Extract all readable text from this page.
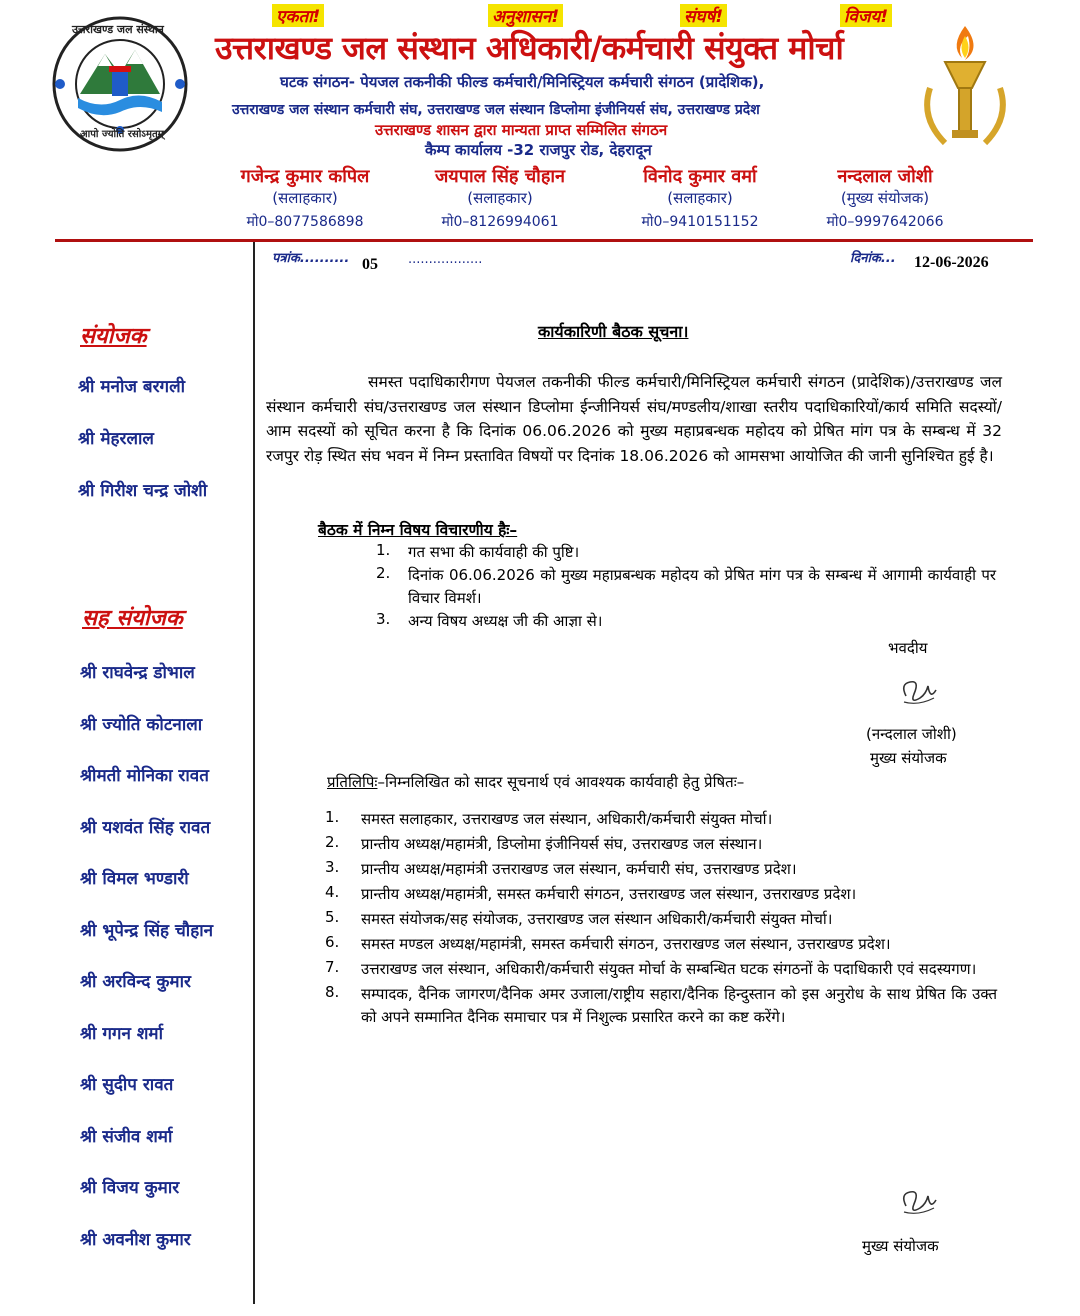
उत्तराखण्ड जल संस्थान
आपो ज्योति रसोऽमृतम्
एकता!	अनुशासन!	संघर्ष!	विजय!
उत्तराखण्ड जल संस्थान अधिकारी/कर्मचारी संयुक्त मोर्चा
घटक संगठन- पेयजल तकनीकी फील्ड कर्मचारी/मिनिस्ट्रियल कर्मचारी संगठन (प्रादेशिक),
उत्तराखण्ड जल संस्थान कर्मचारी संघ, उत्तराखण्ड जल संस्थान डिप्लोमा इंजीनियर्स संघ, उत्तराखण्ड प्रदेश
उत्तराखण्ड शासन द्वारा मान्यता प्राप्त सम्मिलित संगठन
कैम्प कार्यालय -32 राजपुर रोड, देहरादून
गजेन्द्र कुमार कपिल
(सलाहकार)
मो0–8077586898
जयपाल सिंह चौहान
(सलाहकार)
मो0–8126994061
विनोद कुमार वर्मा
(सलाहकार)
मो0–9410151152
नन्दलाल जोशी
(मुख्य संयोजक)
मो0–9997642066
पत्रांक.......... 05 ..................	दिनांक... 12-06-2026
संयोजक
श्री मनोज बरगली
श्री मेहरलाल
श्री गिरीश चन्द्र जोशी
सह संयोजक
श्री राघवेन्द्र डोभाल
श्री ज्योति कोटनाला
श्रीमती मोनिका रावत
श्री यशवंत सिंह रावत
श्री विमल भण्डारी
श्री भूपेन्द्र सिंह चौहान
श्री अरविन्द कुमार
श्री गगन शर्मा
श्री सुदीप रावत
श्री संजीव शर्मा
श्री विजय कुमार
श्री अवनीश कुमार
कार्यकारिणी बैठक सूचना।
समस्त पदाधिकारीगण पेयजल तकनीकी फील्ड कर्मचारी/मिनिस्ट्रियल कर्मचारी संगठन (प्रादेशिक)/उत्तराखण्ड जल संस्थान कर्मचारी संघ/उत्तराखण्ड जल संस्थान डिप्लोमा ईन्जीनियर्स संघ/मण्डलीय/शाखा स्तरीय पदाधिकारियों/कार्य समिति सदस्यों/आम सदस्यों को सूचित करना है कि दिनांक 06.06.2026 को मुख्य महाप्रबन्धक महोदय को प्रेषित मांग पत्र के सम्बन्ध में 32 रजपुर रोड़ स्थित संघ भवन में निम्न प्रस्तावित विषयों पर दिनांक 18.06.2026 को आमसभा आयोजित की जानी सुनिश्चित हुई है।
बैठक में निम्न विषय विचारणीय हैः–
1.	गत सभा की कार्यवाही की पुष्टि।
2.	दिनांक 06.06.2026 को मुख्य महाप्रबन्धक महोदय को प्रेषित मांग पत्र के सम्बन्ध में आगामी कार्यवाही पर विचार विमर्श।
3.	अन्य विषय अध्यक्ष जी की आज्ञा से।
भवदीय
(नन्दलाल जोशी)
मुख्य संयोजक
प्रतिलिपिः–निम्नलिखित को सादर सूचनार्थ एवं आवश्यक कार्यवाही हेतु प्रेषितः–
1.	समस्त सलाहकार, उत्तराखण्ड जल संस्थान, अधिकारी/कर्मचारी संयुक्त मोर्चा।
2.	प्रान्तीय अध्यक्ष/महामंत्री, डिप्लोमा इंजीनियर्स संघ, उत्तराखण्ड जल संस्थान।
3.	प्रान्तीय अध्यक्ष/महामंत्री उत्तराखण्ड जल संस्थान, कर्मचारी संघ, उत्तराखण्ड प्रदेश।
4.	प्रान्तीय अध्यक्ष/महामंत्री, समस्त कर्मचारी संगठन, उत्तराखण्ड जल संस्थान, उत्तराखण्ड प्रदेश।
5.	समस्त संयोजक/सह संयोजक, उत्तराखण्ड जल संस्थान अधिकारी/कर्मचारी संयुक्त मोर्चा।
6.	समस्त मण्डल अध्यक्ष/महामंत्री, समस्त कर्मचारी संगठन, उत्तराखण्ड जल संस्थान, उत्तराखण्ड प्रदेश।
7.	उत्तराखण्ड जल संस्थान, अधिकारी/कर्मचारी संयुक्त मोर्चा के सम्बन्धित घटक संगठनों के पदाधिकारी एवं सदस्यगण।
8.	सम्पादक, दैनिक जागरण/दैनिक अमर उजाला/राष्ट्रीय सहारा/दैनिक हिन्दुस्तान को इस अनुरोध के साथ प्रेषित कि उक्त को अपने सम्मानित दैनिक समाचार पत्र में निशुल्क प्रसारित करने का कष्ट करेंगे।
मुख्य संयोजक
